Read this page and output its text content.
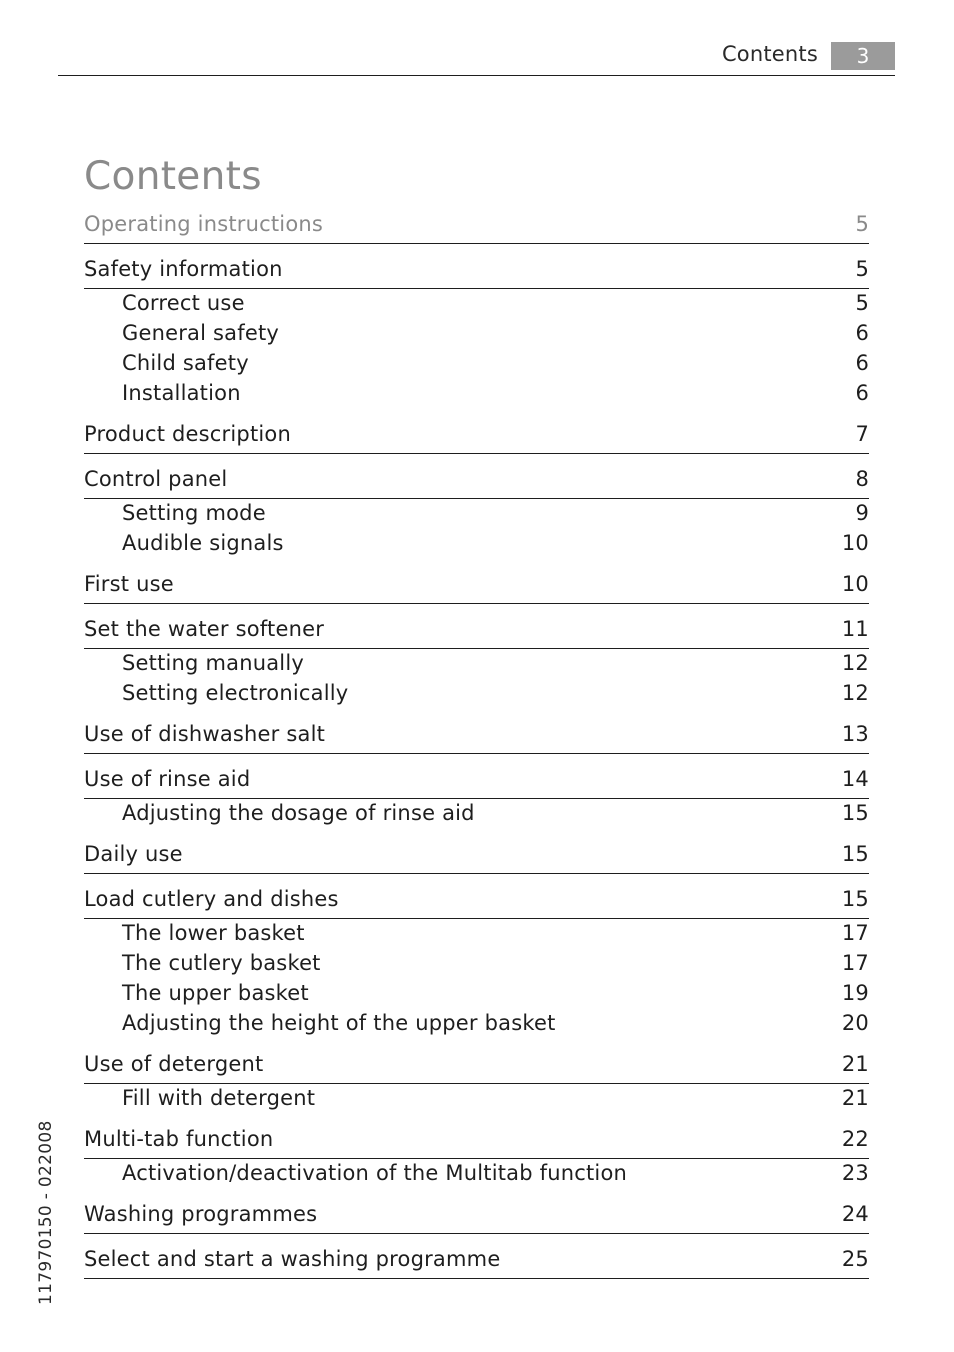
Contents	3
Contents
Operating instructions	5
Safety information	5
Correct use	5
General safety	6
Child safety	6
Installation	6
Product description	7
Control panel	8
Setting mode	9
Audible signals	10
First use	10
Set the water softener	11
Setting manually	12
Setting electronically	12
Use of dishwasher salt	13
Use of rinse aid	14
Adjusting the dosage of rinse aid	15
Daily use	15
Load cutlery and dishes	15
The lower basket	17
The cutlery basket	17
The upper basket	19
Adjusting the height of the upper basket	20
Use of detergent	21
Fill with detergent	21
Multi-tab function	22
Activation/deactivation of the Multitab function	23
Washing programmes	24
Select and start a washing programme	25
117970150 - 022008
